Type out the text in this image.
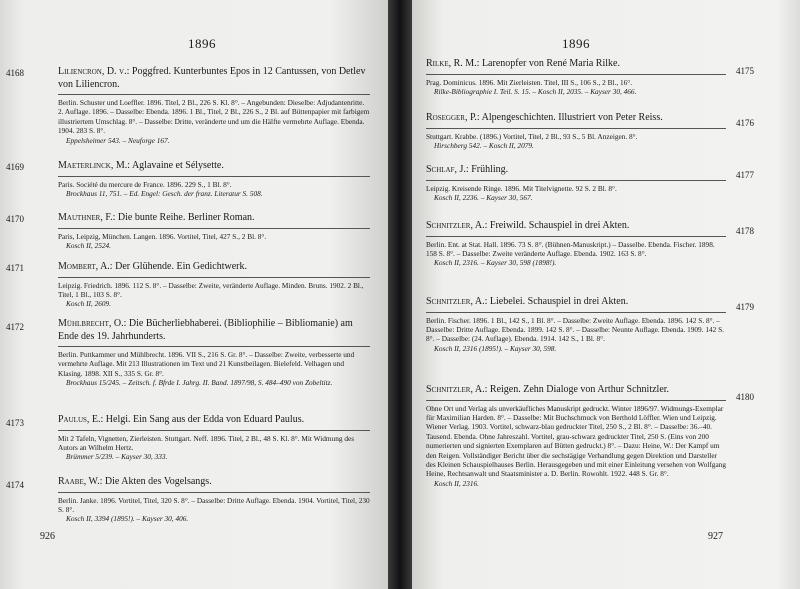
1896
4168	Liliencron, D. v.: Poggfred. Kunterbuntes Epos in 12 Cantussen, von Detlev von Liliencron.
Berlin. Schuster und Loeffler. 1896. Titel, 2 Bl., 226 S. Kl. 8°. – Angebunden: Dieselbe: Adjudantenritte. 2. Auflage. 1896. – Dasselbe: Ebenda. 1896. 1 Bl., Titel, 2 Bl., 226 S., 2 Bl. auf Büttenpapier mit farbigem illustriertem Umschlag. 8°. – Dasselbe: Dritte, veränderte und um die Hälfte vermehrte Auflage. Ebenda. 1904. 283 S. 8°.
Eppelsheimer 543. – Neuforge 167.
4169	Maeterlinck, M.: Aglavaine et Sélysette.
Paris. Société du mercure de France. 1896. 229 S., 1 Bl. 8°.
Brockhaus 11, 751. – Ed. Engel: Gesch. der franz. Literatur S. 508.
4170	Mauthner, F.: Die bunte Reihe. Berliner Roman.
Paris, Leipzig, München. Langen. 1896. Vortitel, Titel, 427 S., 2 Bl. 8°.
Kosch II, 2524.
4171	Mombert, A.: Der Glühende. Ein Gedichtwerk.
Leipzig. Friedrich. 1896. 112 S. 8°. – Dasselbe: Zweite, veränderte Auflage. Minden. Bruns. 1902. 2 Bl., Titel, 1 Bl., 103 S. 8°.
Kosch II, 2609.
4172	Mühlbrecht, O.: Die Bücherliebhaberei. (Bibliophilie – Bibliomanie) am Ende des 19. Jahrhunderts.
Berlin. Puttkammer und Mühlbrecht. 1896. VII S., 216 S. Gr. 8°. – Dasselbe: Zweite, verbesserte und vermehrte Auflage. Mit 213 Illustrationen im Text und 21 Kunstbeilagen. Bielefeld. Velhagen und Klasing. 1898. XII S., 335 S. Gr. 8°.
Brockhaus 15/245. – Zeitsch. f. Bfrde I. Jahrg. II. Band. 1897/98, S. 484–490 von Zobeltitz.
4173	Paulus, E.: Helgi. Ein Sang aus der Edda von Eduard Paulus.
Mit 2 Tafeln, Vignetten, Zierleisten. Stuttgart. Neff. 1896. Titel, 2 Bl., 48 S. Kl. 8°. Mit Widmung des Autors an Wilhelm Hertz.
Brümmer 5/239. – Kayser 30, 333.
4174	Raabe, W.: Die Akten des Vogelsangs.
Berlin. Janke. 1896. Vortitel, Titel, 320 S. 8°. – Dasselbe: Dritte Auflage. Ebenda. 1904. Vortitel, Titel, 230 S. 8°.
Kosch II, 3394 (1895!). – Kayser 30, 406.
926
1896
4175
Rilke, R. M.: Larenopfer von René Maria Rilke.
Prag. Dominicus. 1896. Mit Zierleisten. Titel, III S., 106 S., 2 Bl., 16°.
Rilke-Bibliographie I. Teil. S. 15. – Kosch II, 2035. – Kayser 30, 466.
4176
Rosegger, P.: Alpengeschichten. Illustriert von Peter Reiss.
Stuttgart. Krabbe. (1896.) Vortitel, Titel, 2 Bl., 93 S., 5 Bl. Anzeigen. 8°.
Hirschberg 542. – Kosch II, 2079.
4177
Schlaf, J.: Frühling.
Leipzig. Kreisende Ringe. 1896. Mit Titelvignette. 92 S. 2 Bl. 8°.
Kosch II, 2236. – Kayser 30, 567.
4178
Schnitzler, A.: Freiwild. Schauspiel in drei Akten.
Berlin. Ent. at Stat. Hall. 1896. 73 S. 8°. (Bühnen-Manuskript.) – Dasselbe. Ebenda. Fischer. 1898. 158 S. 8°. – Dasselbe: Zweite veränderte Auflage. Ebenda. 1902. 163 S. 8°.
Kosch II, 2316. – Kayser 30, 598 (1898!).
4179
Schnitzler, A.: Liebelei. Schauspiel in drei Akten.
Berlin. Fischer. 1896. 1 Bl., 142 S., 1 Bl. 8°. – Dasselbe: Zweite Auflage. Ebenda. 1896. 142 S. 8°. – Dasselbe: Dritte Auflage. Ebenda. 1899. 142 S. 8°. – Dasselbe: Neunte Auflage. Ebenda. 1909. 142 S. 8°. – Dasselbe: (24. Auflage). Ebenda. 1914. 142 S., 1 Bl. 8°.
Kosch II, 2316 (1895!). – Kayser 30, 598.
4180
Schnitzler, A.: Reigen. Zehn Dialoge von Arthur Schnitzler.
Ohne Ort und Verlag als unverkäufliches Manuskript gedruckt. Winter 1896/97. Widmungs-Exemplar für Maximilian Harden. 8°. – Dasselbe: Mit Buchschmuck von Berthold Löffler. Wien und Leipzig. Wiener Verlag. 1903. Vortitel, schwarz-blau gedruckter Titel, 250 S., 2 Bl. 8°. – Dasselbe: 36.–40. Tausend. Ebenda. Ohne Jahreszahl. Vortitel, grau-schwarz gedruckter Titel, 250 S. (Eins von 200 numerierten und signierten Exemplaren auf Bütten gedruckt.) 8°. – Dazu: Heine, W.: Der Kampf um den Reigen. Vollständiger Bericht über die sechstägige Verhandlung gegen Direktion und Darsteller des Kleinen Schauspielhauses Berlin. Herausgegeben und mit einer Einleitung versehen von Wolfgang Heine, Rechtsanwalt und Staatsminister a. D. Berlin. Rowohlt. 1922. 448 S. Gr. 8°.
Kosch II, 2316.
927
